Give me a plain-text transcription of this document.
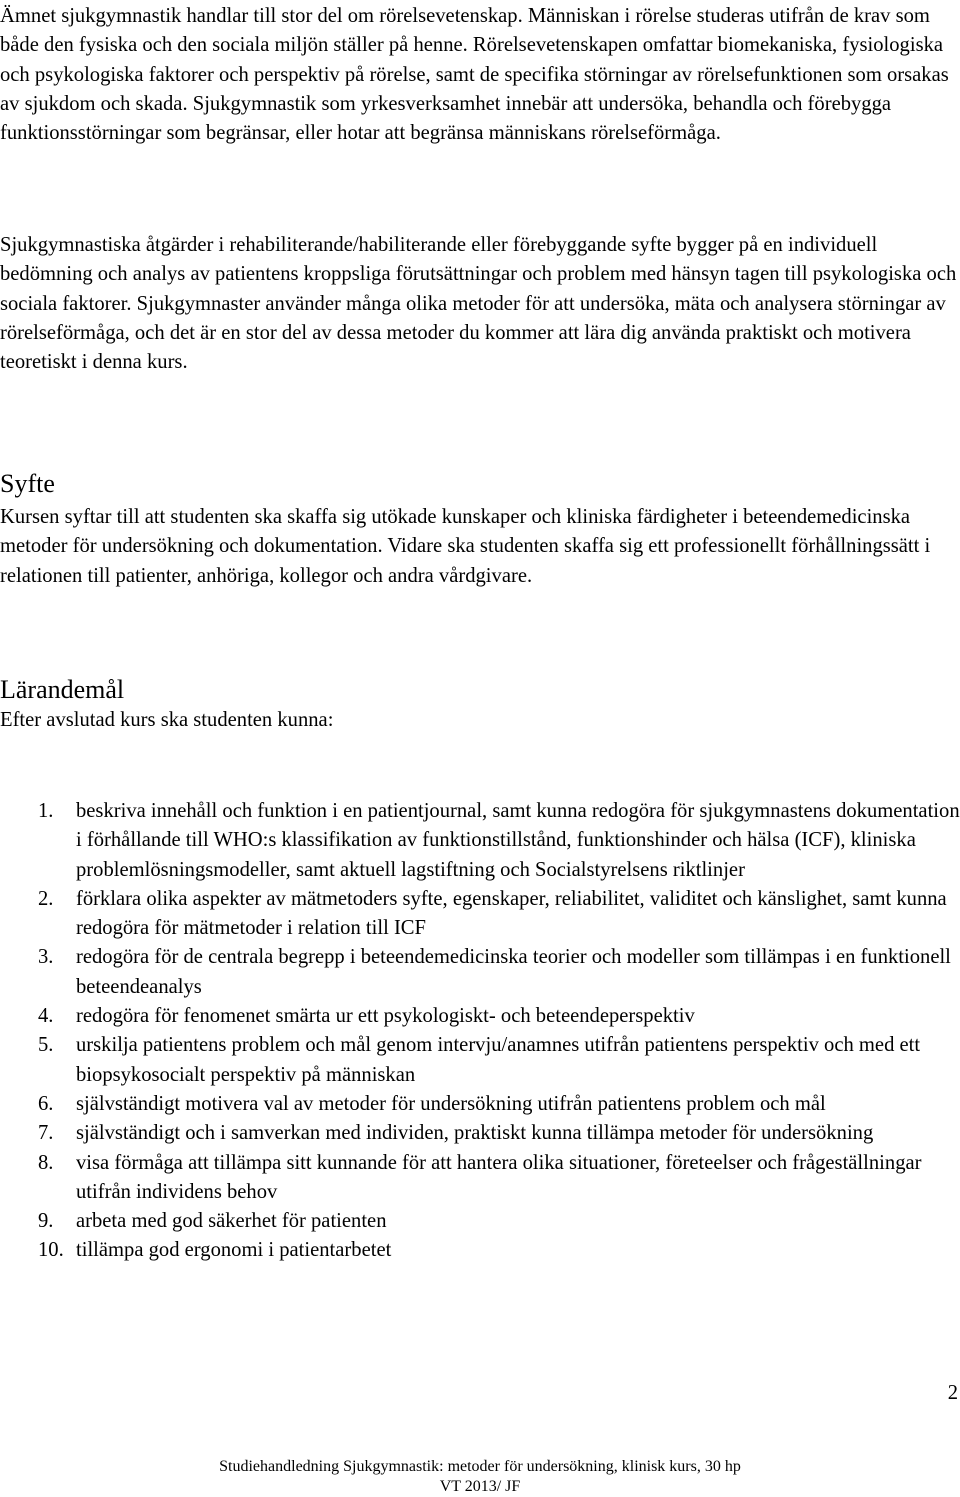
Ämnet sjukgymnastik handlar till stor del om rörelsevetenskap. Människan i rörelse studeras utifrån de krav som både den fysiska och den sociala miljön ställer på henne. Rörelsevetenskapen omfattar biomekaniska, fysiologiska och psykologiska faktorer och perspektiv på rörelse, samt de specifika störningar av rörelsefunktionen som orsakas av sjukdom och skada. Sjukgymnastik som yrkesverksamhet innebär att undersöka, behandla och förebygga funktionsstörningar som begränsar, eller hotar att begränsa människans rörelseförmåga.

Sjukgymnastiska åtgärder i rehabiliterande/habiliterande eller förebyggande syfte bygger på en individuell bedömning och analys av patientens kroppsliga förutsättningar och problem med hänsyn tagen till psykologiska och sociala faktorer. Sjukgymnaster använder många olika metoder för att undersöka, mäta och analysera störningar av rörelseförmåga, och det är en stor del av dessa metoder du kommer att lära dig använda praktiskt och motivera teoretiskt i denna kurs.

Syfte

Kursen syftar till att studenten ska skaffa sig utökade kunskaper och kliniska färdigheter i beteendemedicinska metoder för undersökning och dokumentation. Vidare ska studenten skaffa sig ett professionellt förhållningssätt i relationen till patienter, anhöriga, kollegor och andra vårdgivare.

Lärandemål

Efter avslutad kurs ska studenten kunna:

1.	beskriva innehåll och funktion i en patientjournal, samt kunna redogöra för sjukgymnastens dokumentation i förhållande till WHO:s klassifikation av funktionstillstånd, funktionshinder och hälsa (ICF), kliniska problemlösningsmodeller, samt aktuell lagstiftning och Socialstyrelsens riktlinjer
2.	förklara olika aspekter av mätmetoders syfte, egenskaper, reliabilitet, validitet och känslighet, samt kunna redogöra för mätmetoder i relation till ICF
3.	redogöra för de centrala begrepp i beteendemedicinska teorier och modeller som tillämpas i en funktionell beteendeanalys
4.	redogöra för fenomenet smärta ur ett psykologiskt- och beteendeperspektiv
5.	urskilja patientens problem och mål genom intervju/anamnes utifrån patientens perspektiv och med ett biopsykosocialt perspektiv på människan
6.	självständigt motivera val av metoder för undersökning utifrån patientens problem och mål
7.	självständigt och i samverkan med individen, praktiskt kunna tillämpa metoder för undersökning
8.	visa förmåga att tillämpa sitt kunnande för att hantera olika situationer, företeelser och frågeställningar utifrån individens behov
9.	arbeta med god säkerhet för patienten
10. tillämpa god ergonomi i patientarbetet
2
Studiehandledning Sjukgymnastik: metoder för undersökning, klinisk kurs, 30 hp
VT 2013/ JF
